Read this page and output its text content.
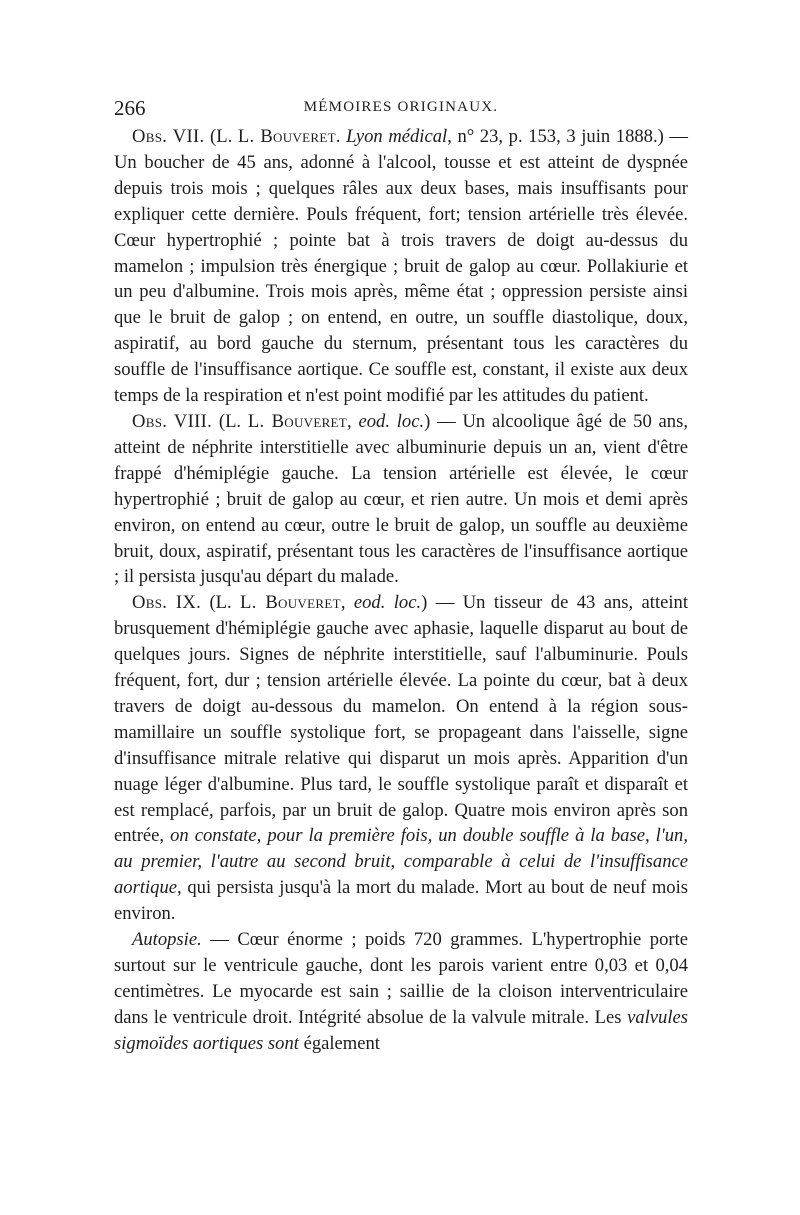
266	MÉMOIRES ORIGINAUX.

Obs. VII. (L. L. Bouveret. Lyon médical, n° 23, p. 153, 3 juin 1888.) — Un boucher de 45 ans, adonné à l'alcool, tousse et est atteint de dyspnée depuis trois mois ; quelques râles aux deux bases, mais insuffisants pour expliquer cette dernière. Pouls fréquent, fort; tension artérielle très élevée. Cœur hypertrophié ; pointe bat à trois travers de doigt au-dessus du mamelon ; impulsion très énergique ; bruit de galop au cœur. Pollakiurie et un peu d'albumine. Trois mois après, même état ; oppression persiste ainsi que le bruit de galop ; on entend, en outre, un souffle diastolique, doux, aspiratif, au bord gauche du sternum, présentant tous les caractères du souffle de l'insuffisance aortique. Ce souffle est, constant, il existe aux deux temps de la respiration et n'est point modifié par les attitudes du patient.

Obs. VIII. (L. L. Bouveret, eod. loc.) — Un alcoolique âgé de 50 ans, atteint de néphrite interstitielle avec albuminurie depuis un an, vient d'être frappé d'hémiplégie gauche. La tension artérielle est élevée, le cœur hypertrophié ; bruit de galop au cœur, et rien autre. Un mois et demi après environ, on entend au cœur, outre le bruit de galop, un souffle au deuxième bruit, doux, aspiratif, présentant tous les caractères de l'insuffisance aortique ; il persista jusqu'au départ du malade.

Obs. IX. (L. L. Bouveret, eod. loc.) — Un tisseur de 43 ans, atteint brusquement d'hémiplégie gauche avec aphasie, laquelle disparut au bout de quelques jours. Signes de néphrite interstitielle, sauf l'albuminurie. Pouls fréquent, fort, dur ; tension artérielle élevée. La pointe du cœur, bat à deux travers de doigt au-dessous du mamelon. On entend à la région sous-mamillaire un souffle systolique fort, se propageant dans l'aisselle, signe d'insuffisance mitrale relative qui disparut un mois après. Apparition d'un nuage léger d'albumine. Plus tard, le souffle systolique paraît et disparaît et est remplacé, parfois, par un bruit de galop. Quatre mois environ après son entrée, on constate, pour la première fois, un double souffle à la base, l'un, au premier, l'autre au second bruit, comparable à celui de l'insuffisance aortique, qui persista jusqu'à la mort du malade. Mort au bout de neuf mois environ.

Autopsie. — Cœur énorme ; poids 720 grammes. L'hypertrophie porte surtout sur le ventricule gauche, dont les parois varient entre 0,03 et 0,04 centimètres. Le myocarde est sain ; saillie de la cloison interventriculaire dans le ventricule droit. Intégrité absolue de la valvule mitrale. Les valvules sigmoïdes aortiques sont également
